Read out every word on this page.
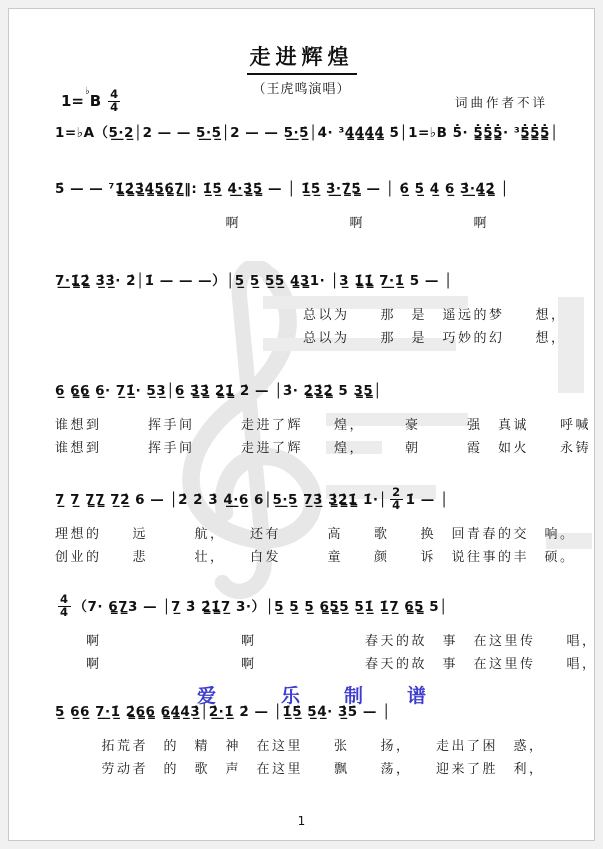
走进辉煌
（王虎鸣演唱）
$1=^♭B \frac{4}{4}$	词曲作者不详
1=♭A（5̲·̲2̲│2 — — 5̲·̲5̲̇│2 — — 5̲·̲5̲̇│4̇· ³4̳̇4̳̇4̳̇4̳̇ 5̇│1=♭B 5̇· 5̳̇5̳̇5̳̇· ³5̳̇5̳̇5̳̇│
5̇ — — ⁷1̳̇2̳̇3̳̇4̳̇5̳̇6̳̇7̳̇‖: 1̲̇̇5̲̇ 4̲̇·̲3̳̇5̳̇ — │ 1̲̇̇5̲̇ 3̲̇·̲7̳̇5̳̇ — │ 6̲̇ 5̲̇ 4̲̇ 6̲ 3̲̇·̲4̳̇2̳̇ │
　　　　　　　　　　　啊　　　　　　　啊　　　　　　　啊
7̲·̲1̳̇2̳̇ 3̲̇3̲̇· 2̇│1̇ — — —）│5̲ 5̲ 5̲5̲ 4̳3̳1· │3̲ 1̳̇1̳̇ 7̲·̲1̲̇ 5 — │
　　　　　　　　　　　　　　　　总以为　　那　是　遥远的梦　　想，
　　　　　　　　　　　　　　　　总以为　　那　是　巧妙的幻　　想，
6̲ 6̳6̳ 6̲· 7̲1̲̇· 5̲3̲│6̲ 3̳̇3̳̇ 2̳̇1̳̇ 2̇ — │3̇· 2̳̇3̳̇2̳̇ 5 3̳5̳│
谁想到　　　挥手间　　　走进了辉　　煌，　　　豪　　　强　真诚　　呼喊
谁想到　　　挥手间　　　走进了辉　　煌，　　　朝　　　霞　如火　　永铸
7̲ 7̲ 7̳7̳ 7̲2̲̇ 6 — │2̇ 2̇ 3̇ 4̲̇·̲6̲ 6│5̲·̲5̲ 7̲3̲̇ 3̳̇2̳̇1̳̇ 1̇·│ $\frac{2}{4}$ 1̇ — │
理想的　　远　　　航，　　还有　　　高　　歌　　换　回青春的交　响。
创业的　　悲　　　壮，　　白发　　　童　　颜　　诉　说往事的丰　硕。
$\frac{4}{4} (7\cdot$ 6̳7̳3 — │7̲ 3̇ 2̳̇1̳̇7̲ 3·）│5̲ 5̲ 5̲ 6̳5̳5̲ 5̲1̲̇ 1̲̇7̲ 6̳5̳ 5│
　　啊　　　　　　　　　啊　　　　　　　春天的故　事　在这里传　　唱，
　　啊　　　　　　　　　啊　　　　　　　春天的故　事　在这里传　　唱，
5̲ 6̲6̲ 7̲·̲1̲̇ 2̳̇6̳6̳ 6̳4̳̇4̲̇3̲̇│2̲̇·̲1̲̇ 2̇ — │1̲̇5̲̇ 5̲̇4̲̇· 3̲̇5̇ — │
　　　拓荒者　的　精　神　在这里　　张　　扬，　　走出了困　惑，
　　　劳动者　的　歌　声　在这里　　飘　　荡，　　迎来了胜　利，
爱　　　乐　　制　　谱
1
